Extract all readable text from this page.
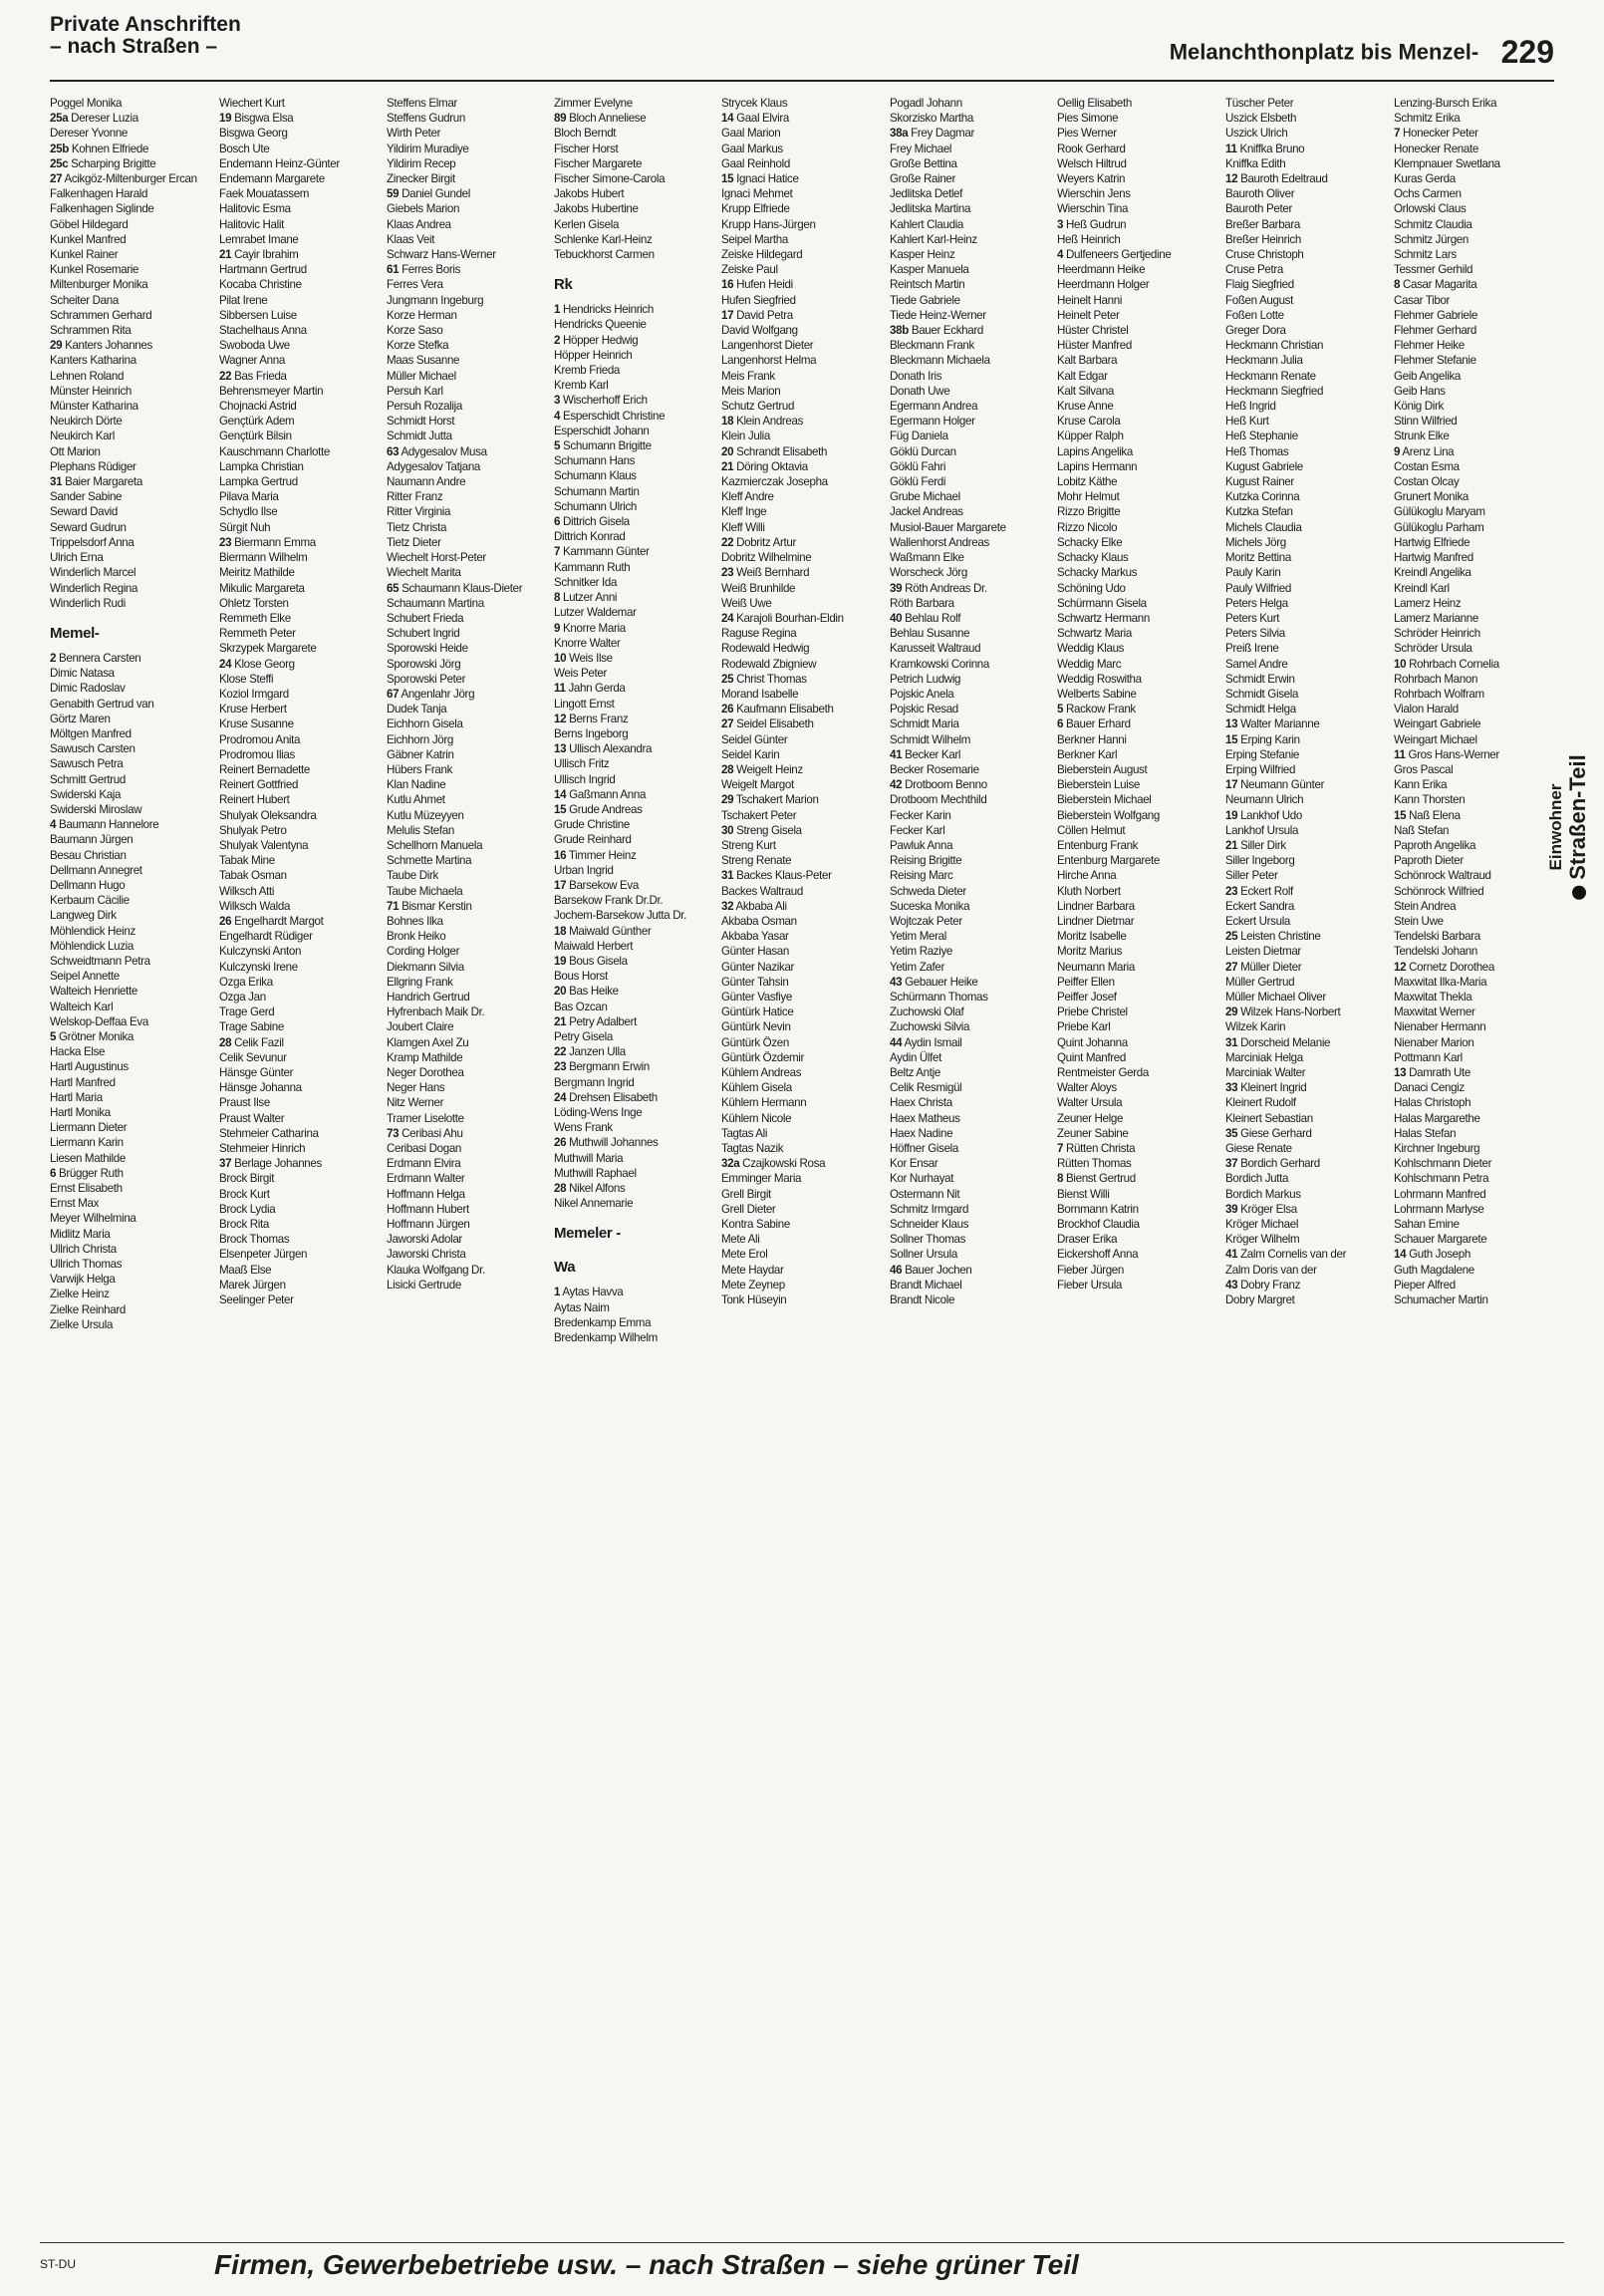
Private Anschriften
– nach Straßen –	Melanchthonplatz bis Menzel- 229
Poggel Monika
25a Dereser Luzia
Dereser Yvonne
25b Kohnen Elfriede
25c Scharping Brigitte
27 Acikgöz-Miltenburger Ercan
Falkenhagen Harald
Falkenhagen Siglinde
Göbel Hildegard
Kunkel Manfred
Kunkel Rainer
Kunkel Rosemarie
Miltenburger Monika
Scheiter Dana
Schrammen Gerhard
Schrammen Rita
29 Kanters Johannes
Kanters Katharina
Lehnen Roland
Münster Heinrich
Münster Katharina
Neukirch Dörte
Neukirch Karl
Ott Marion
Plephans Rüdiger
31 Baier Margareta
Sander Sabine
Seward David
Seward Gudrun
Trippelsdorf Anna
Ulrich Erna
Winderlich Marcel
Winderlich Regina
Winderlich Rudi
Memel-
2 Bennera Carsten
Dimic Natasa
Dimic Radoslav
Genabith Gertrud van
Görtz Maren
Möltgen Manfred
Sawusch Carsten
Sawusch Petra
Schmitt Gertrud
Swiderski Kaja
Swiderski Miroslaw
4 Baumann Hannelore
Baumann Jürgen
Besau Christian
Dellmann Annegret
Dellmann Hugo
Kerbaum Cäcilie
Langweg Dirk
Möhlendick Heinz
Möhlendick Luzia
Schweidtmann Petra
Seipel Annette
Walteich Henriette
Walteich Karl
Welskop-Deffaa Eva
5 Grötner Monika
Hacka Else
Hartl Augustinus
Hartl Manfred
Hartl Maria
Hartl Monika
Liermann Dieter
Liermann Karin
Liesen Mathilde
6 Brügger Ruth
Ernst Elisabeth
Ernst Max
Meyer Wilhelmina
Midlitz Maria
Ullrich Christa
Ullrich Thomas
Varwijk Helga
Zielke Heinz
Zielke Reinhard
Zielke Ursula
Wiechert Kurt
19 Bisgwa Elsa
Bisgwa Georg
Bosch Ute
Endemann Heinz-Günter
Endemann Margarete
Faek Mouatassem
Halitovic Esma
Halitovic Halit
Lemrabet Imane
21 Cayir Ibrahim
Hartmann Gertrud
Kocaba Christine
Pilat Irene
Sibbersen Luise
Stachelhaus Anna
Swoboda Uwe
Wagner Anna
22 Bas Frieda
Behrensmeyer Martin
Chojnacki Astrid
Gençtürk Adem
Gençtürk Bilsin
Kauschmann Charlotte
Lampka Christian
Lampka Gertrud
Pilava Maria
Schydlo Ilse
Sürgit Nuh
23 Biermann Emma
Biermann Wilhelm
Meiritz Mathilde
Mikulic Margareta
Ohletz Torsten
Remmeth Elke
Remmeth Peter
Skrzypek Margarete
24 Klose Georg
Klose Steffi
Koziol Irmgard
Kruse Herbert
Kruse Susanne
Prodromou Anita
Prodromou Ilias
Reinert Bernadette
Reinert Gottfried
Reinert Hubert
Shulyak Oleksandra
Shulyak Petro
Shulyak Valentyna
Tabak Mine
Tabak Osman
Wilksch Atti
Wilksch Walda
26 Engelhardt Margot
Engelhardt Rüdiger
Kulczynski Anton
Kulczynski Irene
Ozga Erika
Ozga Jan
Trage Gerd
Trage Sabine
28 Celik Fazil
Celik Sevunur
Hänsge Günter
Hänsge Johanna
Praust Ilse
Praust Walter
Stehmeier Catharina
Stehmeier Hinrich
37 Berlage Johannes
Brock Birgit
Brock Kurt
Brock Lydia
Brock Rita
Brock Thomas
Elsenpeter Jürgen
Maaß Else
Marek Jürgen
Seelinger Peter
Steffens Elmar
Steffens Gudrun
Wirth Peter
Yildirim Muradiye
Yildirim Recep
Zinecker Birgit
59 Daniel Gundel
Giebels Marion
Klaas Andrea
Klaas Veit
Schwarz Hans-Werner
61 Ferres Boris
Ferres Vera
Jungmann Ingeburg
Korze Herman
Korze Saso
Korze Stefka
Maas Susanne
Müller Michael
Persuh Karl
Persuh Rozalija
Schmidt Horst
Schmidt Jutta
63 Adygesalov Musa
Adygesalov Tatjana
Naumann Andre
Ritter Franz
Ritter Virginia
Tietz Christa
Tietz Dieter
Wiechelt Horst-Peter
Wiechelt Marita
65 Schaumann Klaus-Dieter
Schaumann Martina
Schubert Frieda
Schubert Ingrid
Sporowski Heide
Sporowski Jörg
Sporowski Peter
67 Angenlahr Jörg
Dudek Tanja
Eichhorn Gisela
Eichhorn Jörg
Gäbner Katrin
Hübers Frank
Klan Nadine
Kutlu Ahmet
Kutlu Müzeyyen
Melulis Stefan
Schellhorn Manuela
Schmette Martina
Taube Dirk
Taube Michaela
71 Bismar Kerstin
Bohnes Ilka
Bronk Heiko
Cording Holger
Diekmann Silvia
Ellgring Frank
Handrich Gertrud
Hyfrenbach Maik Dr.
Joubert Claire
Klamgen Axel Zu
Kramp Mathilde
Neger Dorothea
Neger Hans
Nitz Werner
Tramer Liselotte
73 Ceribasi Ahu
Ceribasi Dogan
Erdmann Elvira
Erdmann Walter
Hoffmann Helga
Hoffmann Hubert
Hoffmann Jürgen
Jaworski Adolar
Jaworski Christa
Klauka Wolfgang Dr.
Lisicki Gertrude
Zimmer Evelyne
89 Bloch Anneliese
Bloch Berndt
Fischer Horst
Fischer Margarete
Fischer Simone-Carola
Jakobs Hubert
Jakobs Hubertine
Kerlen Gisela
Schlenke Karl-Heinz
Tebuckhorst Carmen
Rk
1 Hendricks Heinrich
Hendricks Queenie
2 Höpper Hedwig
Höpper Heinrich
Kremb Frieda
Kremb Karl
3 Wischerhoff Erich
4 Esperschidt Christine
Esperschidt Johann
5 Schumann Brigitte
Schumann Hans
Schumann Klaus
Schumann Martin
Schumann Ulrich
6 Dittrich Gisela
Dittrich Konrad
7 Kammann Günter
Kammann Ruth
Schnitker Ida
8 Lutzer Anni
Lutzer Waldemar
9 Knorre Maria
Knorre Walter
10 Weis Ilse
Weis Peter
11 Jahn Gerda
Lingott Ernst
12 Berns Franz
Berns Ingeborg
13 Ullisch Alexandra
Ullisch Fritz
Ullisch Ingrid
14 Gaßmann Anna
15 Grude Andreas
Grude Christine
Grude Reinhard
16 Timmer Heinz
Urban Ingrid
17 Barsekow Eva
Barsekow Frank Dr.Dr.
Jochem-Barsekow Jutta Dr.
18 Maiwald Günther
Maiwald Herbert
19 Bous Gisela
Bous Horst
20 Bas Heike
Bas Ozcan
21 Petry Adalbert
Petry Gisela
22 Janzen Ulla
23 Bergmann Erwin
Bergmann Ingrid
24 Drehsen Elisabeth
Löding-Wens Inge
Wens Frank
26 Muthwill Johannes
Muthwill Maria
Muthwill Raphael
28 Nikel Alfons
Nikel Annemarie
Memeler -
Wa
1 Aytas Havva
Aytas Naim
Bredenkamp Emma
Bredenkamp Wilhelm
Strycek Klaus
14 Gaal Elvira
Gaal Marion
Gaal Markus
Gaal Reinhold
15 Ignaci Hatice
Ignaci Mehmet
Krupp Elfriede
Krupp Hans-Jürgen
Seipel Martha
Zeiske Hildegard
Zeiske Paul
16 Hufen Heidi
Hufen Siegfried
17 David Petra
David Wolfgang
Langenhorst Dieter
Langenhorst Helma
Meis Frank
Meis Marion
Schutz Gertrud
18 Klein Andreas
Klein Julia
20 Schrandt Elisabeth
21 Döring Oktavia
Kazmierczak Josepha
Kleff Andre
Kleff Inge
Kleff Willi
22 Dobritz Artur
Dobritz Wilhelmine
23 Weiß Bernhard
Weiß Brunhilde
Weiß Uwe
24 Karajoli Bourhan-Eldin
Raguse Regina
Rodewald Hedwig
Rodewald Zbigniew
25 Christ Thomas
Morand Isabelle
26 Kaufmann Elisabeth
27 Seidel Elisabeth
Seidel Günter
Seidel Karin
28 Weigelt Heinz
Weigelt Margot
29 Tschakert Marion
Tschakert Peter
30 Streng Gisela
Streng Kurt
Streng Renate
31 Backes Klaus-Peter
Backes Waltraud
32 Akbaba Ali
Akbaba Osman
Akbaba Yasar
Günter Hasan
Günter Nazikar
Günter Tahsin
Günter Vasfiye
Güntürk Hatice
Güntürk Nevin
Güntürk Özen
Güntürk Özdemir
Kühlem Andreas
Kühlem Gisela
Kühlem Hermann
Kühlem Nicole
Tagtas Ali
Tagtas Nazik
32a Czajkowski Rosa
Emminger Maria
Grell Birgit
Grell Dieter
Kontra Sabine
Mete Ali
Mete Erol
Mete Haydar
Mete Zeynep
Tonk Hüseyin
Pogadl Johann
Skorzisko Martha
38a Frey Dagmar
Frey Michael
Große Bettina
Große Rainer
Jedlitska Detlef
Jedlitska Martina
Kahlert Claudia
Kahlert Karl-Heinz
Kasper Heinz
Kasper Manuela
Reintsch Martin
Tiede Gabriele
Tiede Heinz-Werner
38b Bauer Eckhard
Bleckmann Frank
Bleckmann Michaela
Donath Iris
Donath Uwe
Egermann Andrea
Egermann Holger
Füg Daniela
Göklü Durcan
Göklü Fahri
Göklü Ferdi
Grube Michael
Jackel Andreas
Musiol-Bauer Margarete
Wallenhorst Andreas
Waßmann Elke
Worscheck Jörg
39 Röth Andreas Dr.
Röth Barbara
40 Behlau Rolf
Behlau Susanne
Karusseit Waltraud
Kramkowski Corinna
Petrich Ludwig
Pojskic Anela
Pojskic Resad
Schmidt Maria
Schmidt Wilhelm
41 Becker Karl
Becker Rosemarie
42 Drotboom Benno
Drotboom Mechthild
Fecker Karin
Fecker Karl
Pawluk Anna
Reising Brigitte
Reising Marc
Schweda Dieter
Suceska Monika
Wojtczak Peter
Yetim Meral
Yetim Raziye
Yetim Zafer
43 Gebauer Heike
Schürmann Thomas
Zuchowski Olaf
Zuchowski Silvia
44 Aydin Ismail
Aydin Ülfet
Beltz Antje
Celik Resmigül
Haex Christa
Haex Matheus
Haex Nadine
Höffner Gisela
Kor Ensar
Kor Nurhayat
Ostermann Nit
Schmitz Irmgard
Schneider Klaus
Sollner Thomas
Sollner Ursula
46 Bauer Jochen
Brandt Michael
Brandt Nicole
Oellig Elisabeth
Pies Simone
Pies Werner
Rook Gerhard
Welsch Hiltrud
Weyers Katrin
Wierschin Jens
Wierschin Tina
3 Heß Gudrun
Heß Heinrich
4 Dulfeneers Gertjedine
Heerdmann Heike
Heerdmann Holger
Heinelt Hanni
Heinelt Peter
Hüster Christel
Hüster Manfred
Kalt Barbara
Kalt Edgar
Kalt Silvana
Kruse Anne
Kruse Carola
Küpper Ralph
Lapins Angelika
Lapins Hermann
Lobitz Käthe
Mohr Helmut
Rizzo Brigitte
Rizzo Nicolo
Schacky Elke
Schacky Klaus
Schacky Markus
Schöning Udo
Schürmann Gisela
Schwartz Hermann
Schwartz Maria
Weddig Klaus
Weddig Marc
Weddig Roswitha
Welberts Sabine
5 Rackow Frank
6 Bauer Erhard
Berkner Hanni
Berkner Karl
Bieberstein August
Bieberstein Luise
Bieberstein Michael
Bieberstein Wolfgang
Cöllen Helmut
Entenburg Frank
Entenburg Margarete
Hirche Anna
Kluth Norbert
Lindner Barbara
Lindner Dietmar
Moritz Isabelle
Moritz Marius
Neumann Maria
Peiffer Ellen
Peiffer Josef
Priebe Christel
Priebe Karl
Quint Johanna
Quint Manfred
Rentmeister Gerda
Walter Aloys
Walter Ursula
Zeuner Helge
Zeuner Sabine
7 Rütten Christa
Rütten Thomas
8 Bienst Gertrud
Bienst Willi
Bornmann Katrin
Brockhof Claudia
Draser Erika
Eickershoff Anna
Fieber Jürgen
Fieber Ursula
Tüscher Peter
Uszick Elsbeth
Uszick Ulrich
11 Kniffka Bruno
Kniffka Edith
12 Bauroth Edeltraud
Bauroth Oliver
Bauroth Peter
Breßer Barbara
Breßer Heinrich
Cruse Christoph
Cruse Petra
Flaig Siegfried
Foßen August
Foßen Lotte
Greger Dora
Heckmann Christian
Heckmann Julia
Heckmann Renate
Heckmann Siegfried
Heß Ingrid
Heß Kurt
Heß Stephanie
Heß Thomas
Kugust Gabriele
Kugust Rainer
Kutzka Corinna
Kutzka Stefan
Michels Claudia
Michels Jörg
Moritz Bettina
Pauly Karin
Pauly Wilfried
Peters Helga
Peters Kurt
Peters Silvia
Preiß Irene
Samel Andre
Schmidt Erwin
Schmidt Gisela
Schmidt Helga
13 Walter Marianne
15 Erping Karin
Erping Stefanie
Erping Wilfried
17 Neumann Günter
Neumann Ulrich
19 Lankhof Udo
Lankhof Ursula
21 Siller Dirk
Siller Ingeborg
Siller Peter
23 Eckert Rolf
Eckert Sandra
Eckert Ursula
25 Leisten Christine
Leisten Dietmar
27 Müller Dieter
Müller Gertrud
Müller Michael Oliver
29 Wilzek Hans-Norbert
Wilzek Karin
31 Dorscheid Melanie
Marciniak Helga
Marciniak Walter
33 Kleinert Ingrid
Kleinert Rudolf
Kleinert Sebastian
35 Giese Gerhard
Giese Renate
37 Bordich Gerhard
Bordich Jutta
Bordich Markus
39 Kröger Elsa
Kröger Michael
Kröger Wilhelm
41 Zalm Cornelis van der
Zalm Doris van der
43 Dobry Franz
Dobry Margret
Lenzing-Bursch Erika
Schmitz Erika
7 Honecker Peter
Honecker Renate
Klempnauer Swetlana
Kuras Gerda
Ochs Carmen
Orlowski Claus
Schmitz Claudia
Schmitz Jürgen
Schmitz Lars
Tessmer Gerhild
8 Casar Magarita
Casar Tibor
Flehmer Gabriele
Flehmer Gerhard
Flehmer Heike
Flehmer Stefanie
Geib Angelika
Geib Hans
König Dirk
Stinn Wilfried
Strunk Elke
9 Arenz Lina
Costan Esma
Costan Olcay
Grunert Monika
Gülükoglu Maryam
Gülükoglu Parham
Hartwig Elfriede
Hartwig Manfred
Kreindl Angelika
Kreindl Karl
Lamerz Heinz
Lamerz Marianne
Schröder Heinrich
Schröder Ursula
10 Rohrbach Cornelia
Rohrbach Manon
Rohrbach Wolfram
Vialon Harald
Weingart Gabriele
Weingart Michael
11 Gros Hans-Werner
Gros Pascal
Kann Erika
Kann Thorsten
15 Naß Elena
Naß Stefan
Paproth Angelika
Paproth Dieter
Schönrock Waltraud
Schönrock Wilfried
Stein Andrea
Stein Uwe
Tendelski Barbara
Tendelski Johann
12 Cornetz Dorothea
Maxwitat Ilka-Maria
Maxwitat Thekla
Maxwitat Werner
Nienaber Hermann
Nienaber Marion
Pottmann Karl
13 Damrath Ute
Danaci Cengiz
Halas Christoph
Halas Margarethe
Halas Stefan
Kirchner Ingeburg
Kohlschmann Dieter
Kohlschmann Petra
Lohrmann Manfred
Lohrmann Marlyse
Sahan Emine
Schauer Margarete
14 Guth Joseph
Guth Magdalene
Pieper Alfred
Schumacher Martin
Einwohner Straßen-Teil
ST-DU	Firmen, Gewerbebetriebe usw. – nach Straßen – siehe grüner Teil
